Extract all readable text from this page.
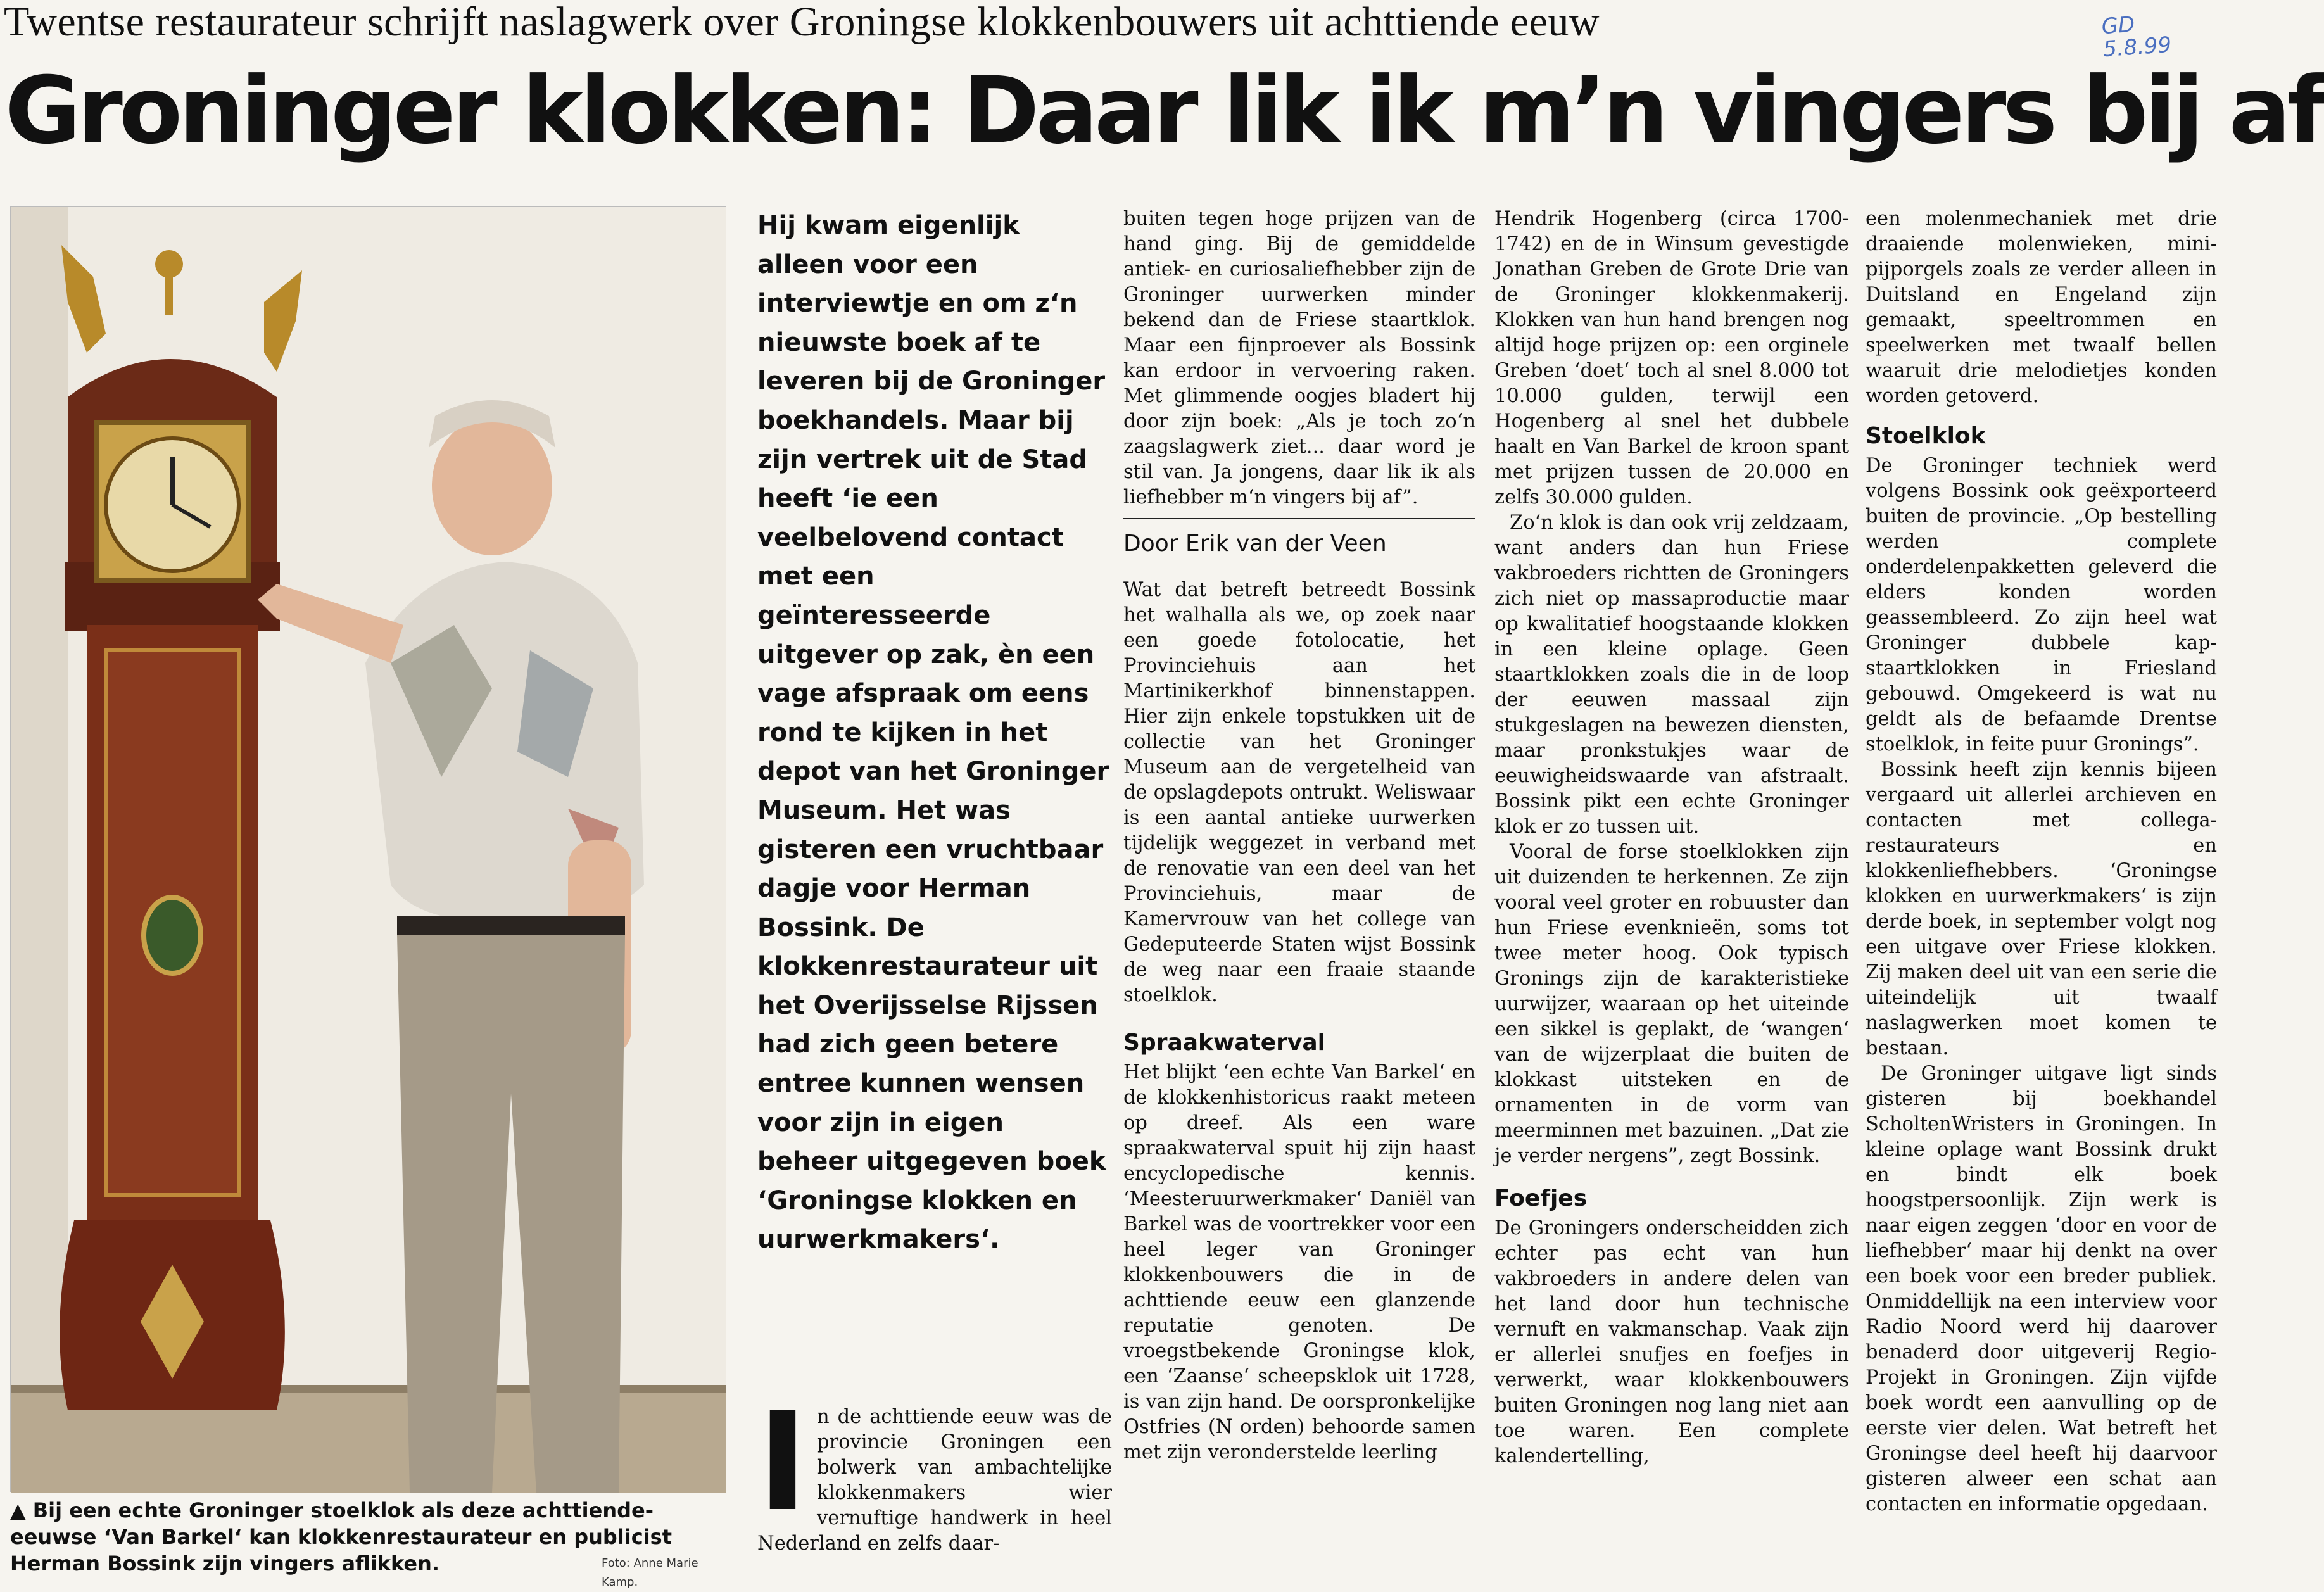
Twentse restaurateur schrijft naslagwerk over Groningse klokkenbouwers uit achttiende eeuw	GD
5.8.99
Groninger klokken: Daar lik ik m’n vingers bij af
▲ Bij een echte Groninger stoelklok als deze achttiende-eeuwse ‘Van Barkel‘ kan klokkenrestaurateur en publicist Herman Bossink zijn vingers aflikken.	Foto: Anne Marie Kamp.
Hij kwam eigenlijk alleen voor een interviewtje en om z‘n nieuwste boek af te leveren bij de Groninger boekhandels. Maar bij zijn vertrek uit de Stad heeft ‘ie een veelbelovend contact met een geïnteresseerde uitgever op zak, èn een vage afspraak om eens rond te kijken in het depot van het Groninger Museum. Het was gisteren een vruchtbaar dagje voor Herman Bossink. De klokkenrestaurateur uit het Overijsselse Rijssen had zich geen betere entree kunnen wensen voor zijn in eigen beheer uitgegeven boek ‘Groningse klokken en uurwerkmakers‘.
I n de achttiende eeuw was de provincie Groningen een bolwerk van ambachtelijke klokkenmakers wier vernuftige handwerk in heel Nederland en zelfs daar-

buiten tegen hoge prijzen van de hand ging. Bij de gemiddelde antiek- en curiosaliefhebber zijn de Groninger uurwerken minder bekend dan de Friese staartklok. Maar een fijnproever als Bossink kan erdoor in vervoering raken. Met glimmende oogjes bladert hij door zijn boek: „Als je toch zo‘n zaagslagwerk ziet... daar word je stil van. Ja jongens, daar lik ik als liefhebber m‘n vingers bij af”.

Door Erik van der Veen

Wat dat betreft betreedt Bossink het walhalla als we, op zoek naar een goede fotolocatie, het Provinciehuis aan het Martinikerkhof binnenstappen. Hier zijn enkele topstukken uit de collectie van het Groninger Museum aan de vergetelheid van de opslagdepots ontrukt. Weliswaar is een aantal antieke uurwerken tijdelijk weggezet in verband met de renovatie van een deel van het Provinciehuis, maar de Kamervrouw van het college van Gedeputeerde Staten wijst Bossink de weg naar een fraaie staande stoelklok.

Spraakwaterval

Het blijkt ‘een echte Van Barkel‘ en de klokkenhistoricus raakt meteen op dreef. Als een ware spraakwaterval spuit hij zijn haast encyclopedische kennis. ‘Meesteruurwerkmaker‘ Daniël van Barkel was de voortrekker voor een heel leger van Groninger klokkenbouwers die in de achttiende eeuw een glanzende reputatie genoten. De vroegstbekende Groningse klok, een ‘Zaanse‘ scheepsklok uit 1728, is van zijn hand. De oorspronkelijke Ostfries (N orden) behoorde samen met zijn veronderstelde leerling

Hendrik Hogenberg (circa 1700-1742) en de in Winsum gevestigde Jonathan Greben de Grote Drie van de Groninger klokkenmakerij. Klokken van hun hand brengen nog altijd hoge prijzen op: een orginele Greben ‘doet‘ toch al snel 8.000 tot 10.000 gulden, terwijl een Hogenberg al snel het dubbele haalt en Van Barkel de kroon spant met prijzen tussen de 20.000 en zelfs 30.000 gulden.

Zo‘n klok is dan ook vrij zeldzaam, want anders dan hun Friese vakbroeders richtten de Groningers zich niet op massaproductie maar op kwalitatief hoogstaande klokken in een kleine oplage. Geen staartklokken zoals die in de loop der eeuwen massaal zijn stukgeslagen na bewezen diensten, maar pronkstukjes waar de eeuwigheidswaarde van afstraalt. Bossink pikt een echte Groninger klok er zo tussen uit.

Vooral de forse stoelklokken zijn uit duizenden te herkennen. Ze zijn vooral veel groter en robuuster dan hun Friese evenknieën, soms tot twee meter hoog. Ook typisch Gronings zijn de karakteristieke uurwijzer, waaraan op het uiteinde een sikkel is geplakt, de ‘wangen‘ van de wijzerplaat die buiten de klokkast uitsteken en de ornamenten in de vorm van meerminnen met bazuinen. „Dat zie je verder nergens”, zegt Bossink.

Foefjes

De Groningers onderscheidden zich echter pas echt van hun vakbroeders in andere delen van het land door hun technische vernuft en vakmanschap. Vaak zijn er allerlei snufjes en foefjes in verwerkt, waar klokkenbouwers buiten Groningen nog lang niet aan toe waren. Een complete kalendertelling,

een molenmechaniek met drie draaiende molenwieken, mini-pijporgels zoals ze verder alleen in Duitsland en Engeland zijn gemaakt, speeltrommen en speelwerken met twaalf bellen waaruit drie melodietjes konden worden getoverd.

Stoelklok

De Groninger techniek werd volgens Bossink ook geëxporteerd buiten de provincie. „Op bestelling werden complete onderdelenpakketten geleverd die elders konden worden geassembleerd. Zo zijn heel wat Groninger dubbele kap-staartklokken in Friesland gebouwd. Omgekeerd is wat nu geldt als de befaamde Drentse stoelklok, in feite puur Gronings”.

Bossink heeft zijn kennis bijeen vergaard uit allerlei archieven en contacten met collega-restaurateurs en klokkenliefhebbers. ‘Groningse klokken en uurwerkmakers‘ is zijn derde boek, in september volgt nog een uitgave over Friese klokken. Zij maken deel uit van een serie die uiteindelijk uit twaalf naslagwerken moet komen te bestaan.

De Groninger uitgave ligt sinds gisteren bij boekhandel ScholtenWristers in Groningen. In kleine oplage want Bossink drukt en bindt elk boek hoogstpersoonlijk. Zijn werk is naar eigen zeggen ‘door en voor de liefhebber‘ maar hij denkt na over een boek voor een breder publiek. Onmiddellijk na een interview voor Radio Noord werd hij daarover benaderd door uitgeverij Regio-Projekt in Groningen. Zijn vijfde boek wordt een aanvulling op de eerste vier delen. Wat betreft het Groningse deel heeft hij daarvoor gisteren alweer een schat aan contacten en informatie opgedaan.
